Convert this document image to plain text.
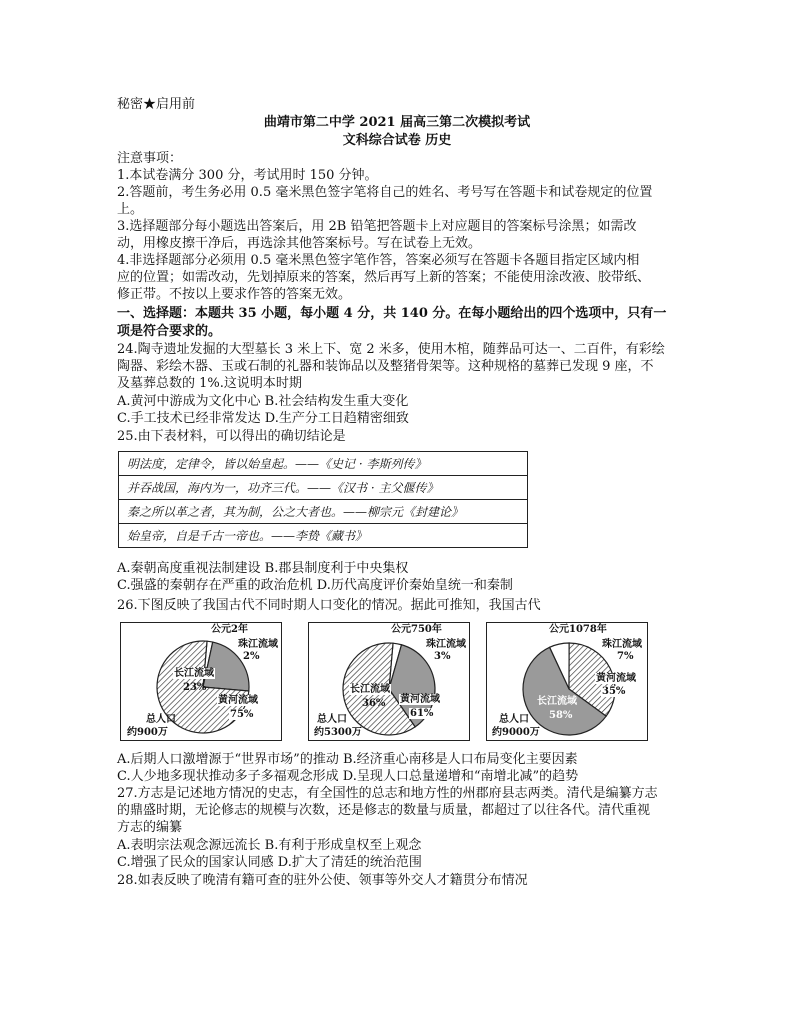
秘密★启用前
曲靖市第二中学 2021 届高三第二次模拟考试
文科综合试卷 历史
注意事项：
1.本试卷满分 300 分，考试用时 150 分钟。
2.答题前，考生务必用 0.5 毫米黑色签字笔将自己的姓名、考号写在答题卡和试卷规定的位置
上。
3.选择题部分每小题选出答案后，用 2B 铅笔把答题卡上对应题目的答案标号涂黑；如需改
动，用橡皮擦干净后，再选涂其他答案标号。写在试卷上无效。
4.非选择题部分必须用 0.5 毫米黑色签字笔作答，答案必须写在答题卡各题目指定区域内相
应的位置；如需改动，先划掉原来的答案，然后再写上新的答案；不能使用涂改液、胶带纸、
修正带。不按以上要求作答的答案无效。
一、选择题：本题共 35 小题，每小题 4 分，共 140 分。在每小题给出的四个选项中，只有一
项是符合要求的。
24.陶寺遗址发掘的大型墓长 3 米上下、宽 2 米多，使用木棺，随葬品可达一、二百件，有彩绘
陶器、彩绘木器、玉或石制的礼器和装饰品以及整猪骨架等。这种规格的墓葬已发现 9 座，不
及墓葬总数的 1%.这说明本时期
A.黄河中游成为文化中心 B.社会结构发生重大变化
C.手工技术已经非常发达 D.生产分工日趋精密细致
25.由下表材料，可以得出的确切结论是
明法度，定律令，皆以始皇起。——《史记 · 李斯列传》
并吞战国，海内为一，功齐三代。——《汉书 · 主父偃传》
秦之所以革之者，其为制，公之大者也。——柳宗元《封建论》
始皇帝，自是千古一帝也。——李贽《藏书》
A.秦朝高度重视法制建设 B.郡县制度利于中央集权
C.强盛的秦朝存在严重的政治危机 D.历代高度评价秦始皇统一和秦制
26.下图反映了我国古代不同时期人口变化的情况。据此可推知，我国古代
公元2年
珠江流域
2%
长江流域
23%
黄河流域
75%
总人口
约900万
公元750年
珠江流域
3%
长江流域
36% 黄河流域
61%
总人口
约5300万
公元1078年
珠江流域
7%
黄河流域
35%
长江流域
58%
总人口
约9000万
A.后期人口激增源于“世界市场”的推动 B.经济重心南移是人口布局变化主要因素
C.人少地多现状推动多子多福观念形成 D.呈现人口总量递增和“南增北减”的趋势
27.方志是记述地方情况的史志，有全国性的总志和地方性的州郡府县志两类。清代是编纂方志
的鼎盛时期，无论修志的规模与次数，还是修志的数量与质量，都超过了以往各代。清代重视
方志的编纂
A.表明宗法观念源远流长 B.有利于形成皇权至上观念
C.增强了民众的国家认同感 D.扩大了清廷的统治范围
28.如表反映了晚清有籍可查的驻外公使、领事等外交人才籍贯分布情况
